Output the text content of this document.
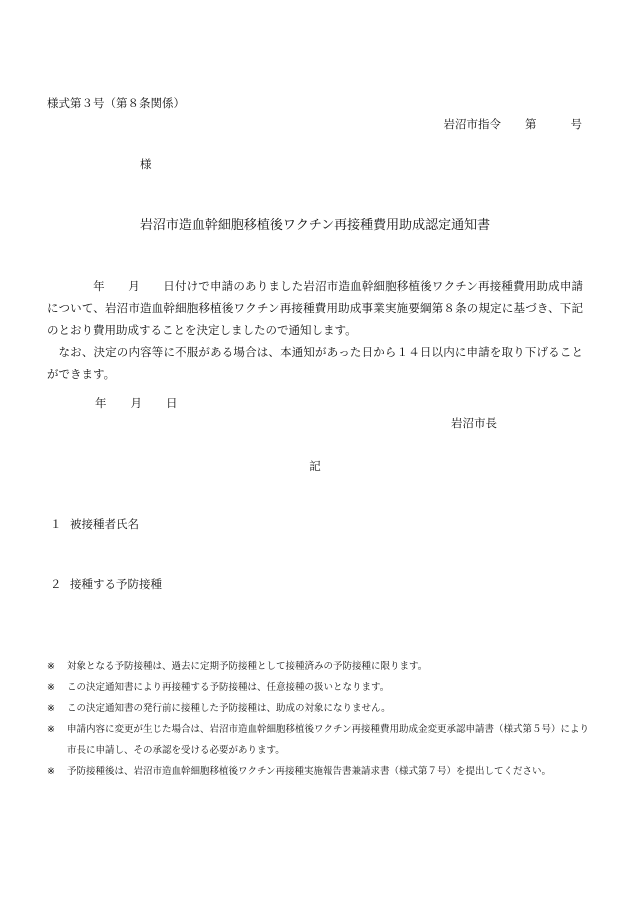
様式第３号（第８条関係）
岩沼市指令 第	号
様
岩沼市造血幹細胞移植後ワクチン再接種費用助成認定通知書
年　　月　　日付けで申請のありました岩沼市造血幹細胞移植後ワクチン再接種費用助成申請について、岩沼市造血幹細胞移植後ワクチン再接種費用助成事業実施要綱第８条の規定に基づき、下記のとおり費用助成することを決定しましたので通知します。
なお、決定の内容等に不服がある場合は、本通知があった日から１４日以内に申請を取り下げることができます。
年 月 日
岩沼市長
記
１ 被接種者氏名
２ 接種する予防接種
※	対象となる予防接種は、過去に定期予防接種として接種済みの予防接種に限ります。
※	この決定通知書により再接種する予防接種は、任意接種の扱いとなります。
※	この決定通知書の発行前に接種した予防接種は、助成の対象になりません。
※	申請内容に変更が生じた場合は、岩沼市造血幹細胞移植後ワクチン再接種費用助成金変更承認申請書（様式第５号）により市長に申請し、その承認を受ける必要があります。
※	予防接種後は、岩沼市造血幹細胞移植後ワクチン再接種実施報告書兼請求書（様式第７号）を提出してください。
